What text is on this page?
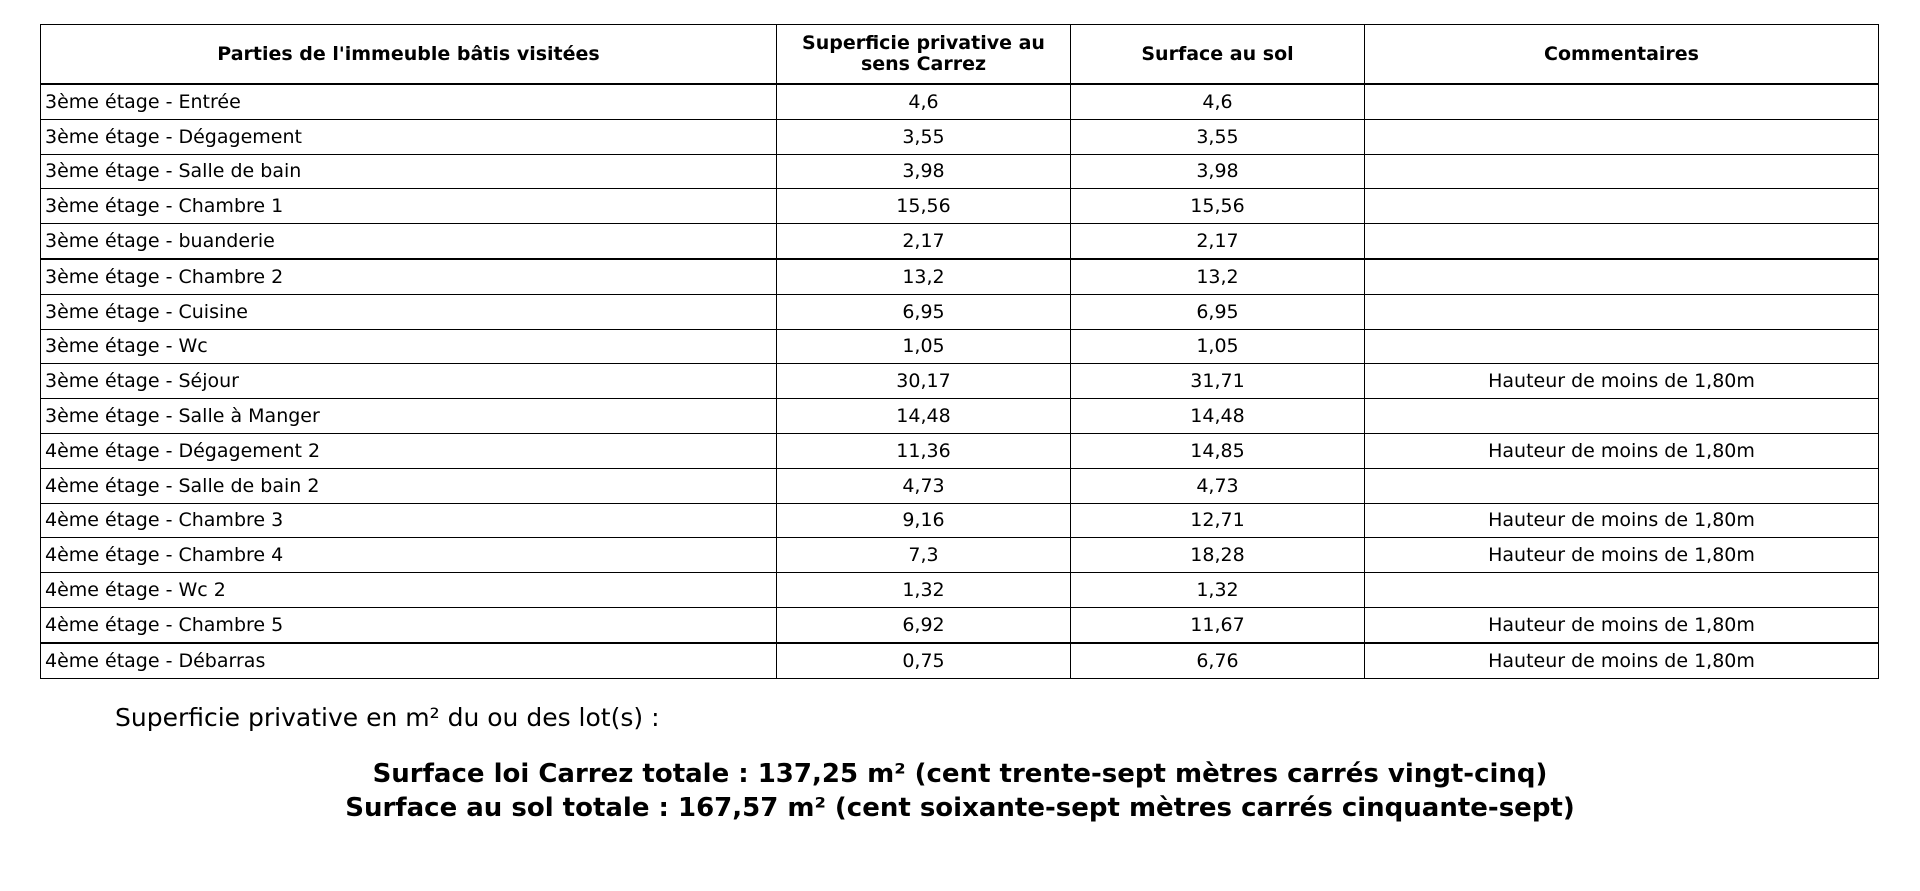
Parties de l'immeuble bâtis visitées	Superficie privative au sens Carrez	Surface au sol	Commentaires
3ème étage - Entrée	4,6	4,6	
3ème étage - Dégagement	3,55	3,55	
3ème étage - Salle de bain	3,98	3,98	
3ème étage - Chambre 1	15,56	15,56	
3ème étage - buanderie	2,17	2,17	
3ème étage - Chambre 2	13,2	13,2	
3ème étage - Cuisine	6,95	6,95	
3ème étage - Wc	1,05	1,05	
3ème étage - Séjour	30,17	31,71	Hauteur de moins de 1,80m
3ème étage - Salle à Manger	14,48	14,48	
4ème étage - Dégagement 2	11,36	14,85	Hauteur de moins de 1,80m
4ème étage - Salle de bain 2	4,73	4,73	
4ème étage - Chambre 3	9,16	12,71	Hauteur de moins de 1,80m
4ème étage - Chambre 4	7,3	18,28	Hauteur de moins de 1,80m
4ème étage - Wc 2	1,32	1,32	
4ème étage - Chambre 5	6,92	11,67	Hauteur de moins de 1,80m
4ème étage - Débarras	0,75	6,76	Hauteur de moins de 1,80m
Superficie privative en m² du ou des lot(s) :
Surface loi Carrez totale : 137,25 m² (cent trente-sept mètres carrés vingt-cinq)
Surface au sol totale : 167,57 m² (cent soixante-sept mètres carrés cinquante-sept)
